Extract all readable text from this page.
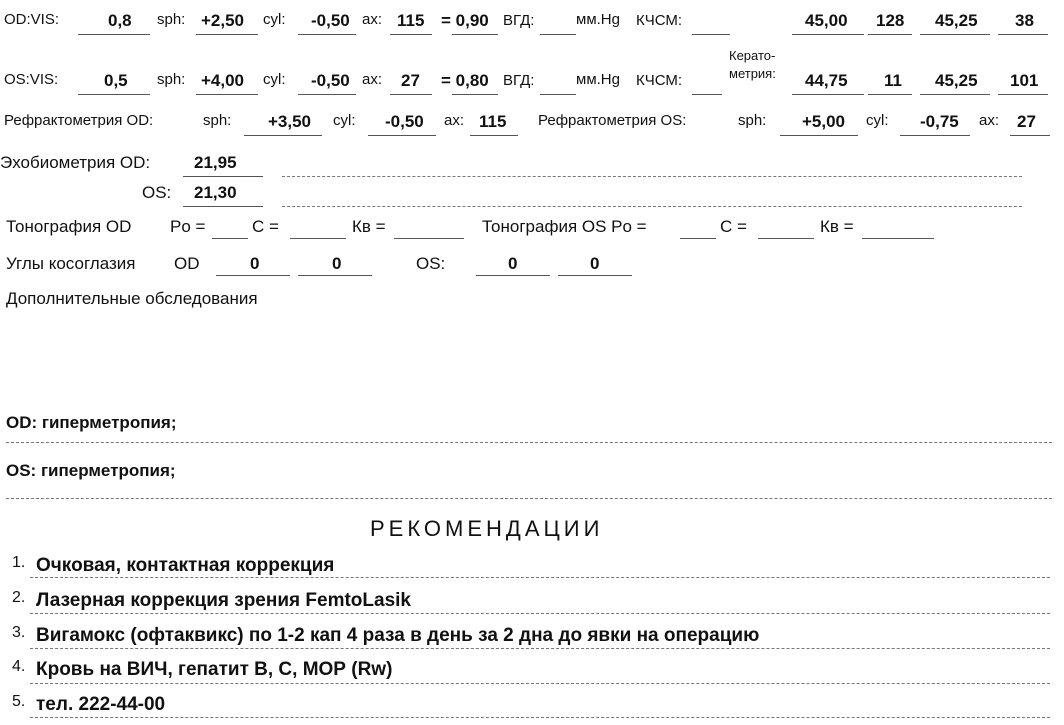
OD:VIS:	0,8 sph: +2,50 cyl: -0,50 ax: 115 = 0,90 ВГД:	мм.Hg КЧСМ:	45,00 128 45,25 38
Керато-
метрия:
OS:VIS:	0,5 sph: +4,00 cyl: -0,50 ax: 27 = 0,80 ВГД:	мм.Hg КЧСМ:	44,75 11 45,25 101
Рефрактометрия OD:	sph: +3,50 cyl: -0,50 ax: 115 Рефрактометрия OS:	sph: +5,00 cyl: -0,75 ax: 27
Эхобиометрия OD:	21,95
OS: 21,30
Тонография OD Po =	C =	Кв =	Тонография OS Po =	C =	Кв =
Углы косоглазия OD	0	0	OS:	0	0
Дополнительные обследования
OD: гиперметропия;
OS: гиперметропия;
РЕКОМЕНДАЦИИ
1. Очковая, контактная коррекция
2. Лазерная коррекция зрения FemtoLasik
3. Вигамокс (офтаквикс) по 1-2 кап 4 раза в день за 2 дна до явки на операцию
4. Кровь на ВИЧ, гепатит В, С, МОР (Rw)
5. тел. 222-44-00
